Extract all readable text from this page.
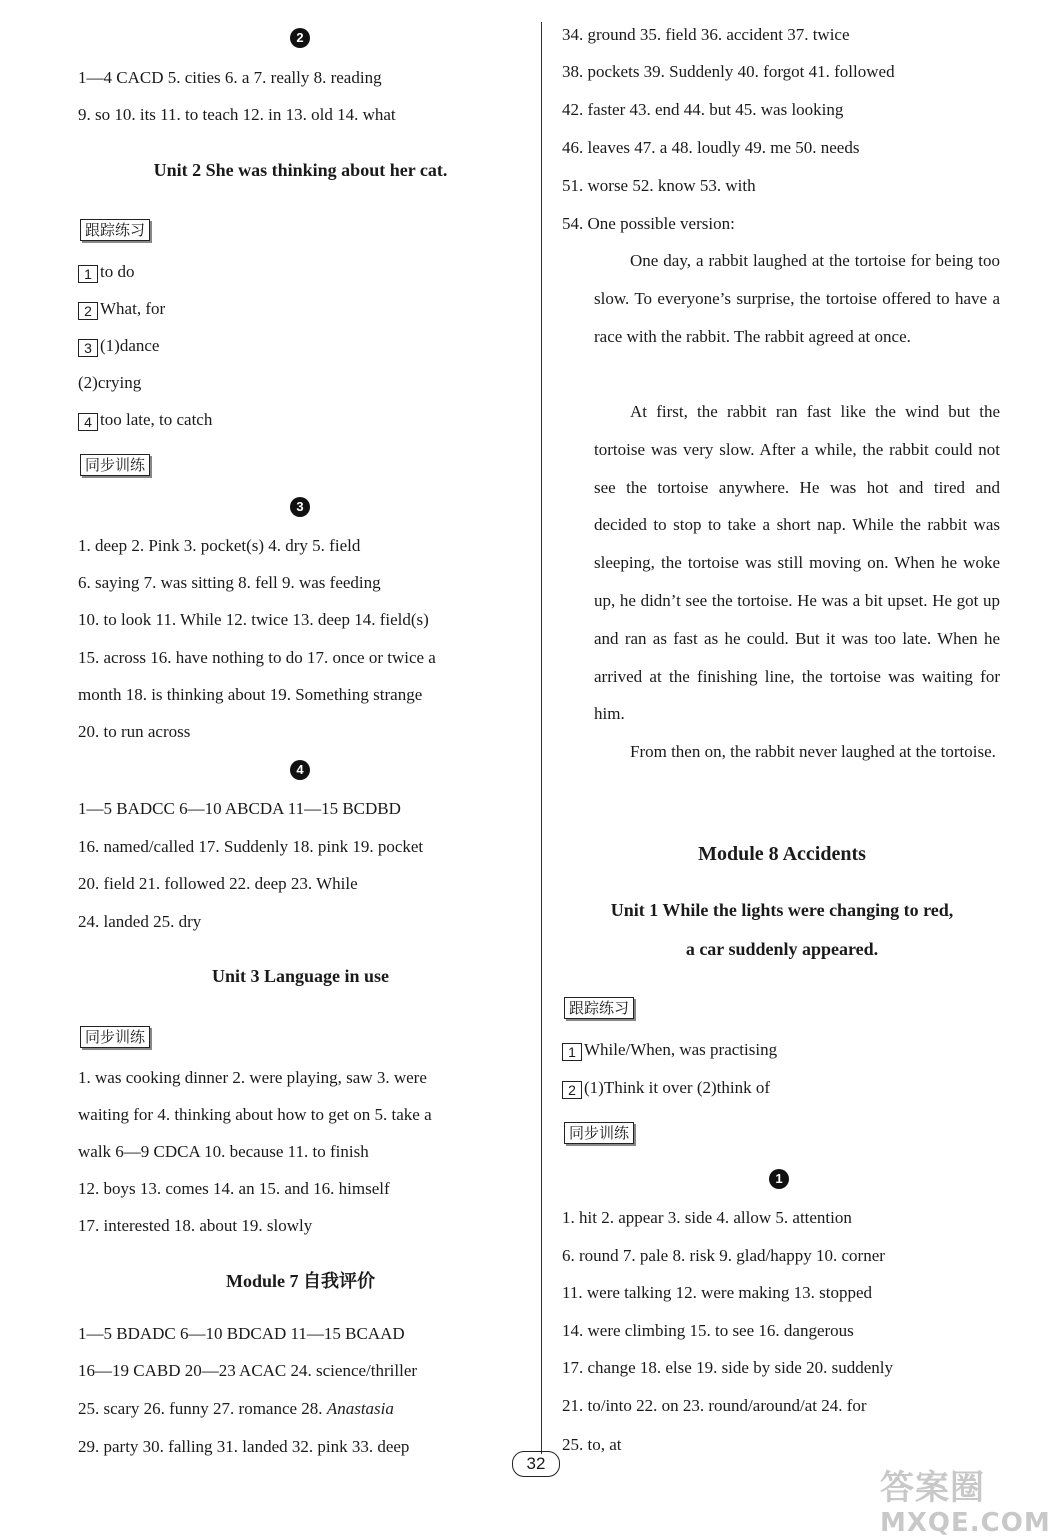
2
1—4 CACD 5. cities 6. a 7. really 8. reading
9. so 10. its 11. to teach 12. in 13. old 14. what
Unit 2 She was thinking about her cat.
跟踪练习
1 to do
2 What, for
3 (1)dance
(2)crying
4 too late, to catch
同步训练
3
1. deep 2. Pink 3. pocket(s) 4. dry 5. field
6. saying 7. was sitting 8. fell 9. was feeding
10. to look 11. While 12. twice 13. deep 14. field(s)
15. across 16. have nothing to do 17. once or twice a
month 18. is thinking about 19. Something strange
20. to run across
4
1—5 BADCC 6—10 ABCDA 11—15 BCDBD
16. named/called 17. Suddenly 18. pink 19. pocket
20. field 21. followed 22. deep 23. While
24. landed 25. dry
Unit 3 Language in use
同步训练
1. was cooking dinner 2. were playing, saw 3. were
waiting for 4. thinking about how to get on 5. take a
walk 6—9 CDCA 10. because 11. to finish
12. boys 13. comes 14. an 15. and 16. himself
17. interested 18. about 19. slowly
Module 7 自我评价
1—5 BDADC 6—10 BDCAD 11—15 BCAAD
16—19 CABD 20—23 ACAC 24. science/thriller
25. scary 26. funny 27. romance 28. Anastasia
29. party 30. falling 31. landed 32. pink 33. deep
34. ground 35. field 36. accident 37. twice
38. pockets 39. Suddenly 40. forgot 41. followed
42. faster 43. end 44. but 45. was looking
46. leaves 47. a 48. loudly 49. me 50. needs
51. worse 52. know 53. with
54. One possible version:
One day, a rabbit laughed at the tortoise for being too slow. To everyone’s surprise, the tortoise offered to have a race with the rabbit. The rabbit agreed at once.
At first, the rabbit ran fast like the wind but the tortoise was very slow. After a while, the rabbit could not see the tortoise anywhere. He was hot and tired and decided to stop to take a short nap. While the rabbit was sleeping, the tortoise was still moving on. When he woke up, he didn’t see the tortoise. He was a bit upset. He got up and ran as fast as he could. But it was too late. When he arrived at the finishing line, the tortoise was waiting for him.
From then on, the rabbit never laughed at the tortoise.
Module 8 Accidents
Unit 1 While the lights were changing to red,
a car suddenly appeared.
跟踪练习
1 While/When, was practising
2 (1)Think it over (2)think of
同步训练
1
1. hit 2. appear 3. side 4. allow 5. attention
6. round 7. pale 8. risk 9. glad/happy 10. corner
11. were talking 12. were making 13. stopped
14. were climbing 15. to see 16. dangerous
17. change 18. else 19. side by side 20. suddenly
21. to/into 22. on 23. round/around/at 24. for
25. to, at
32
答案圈
MXQE.COM
